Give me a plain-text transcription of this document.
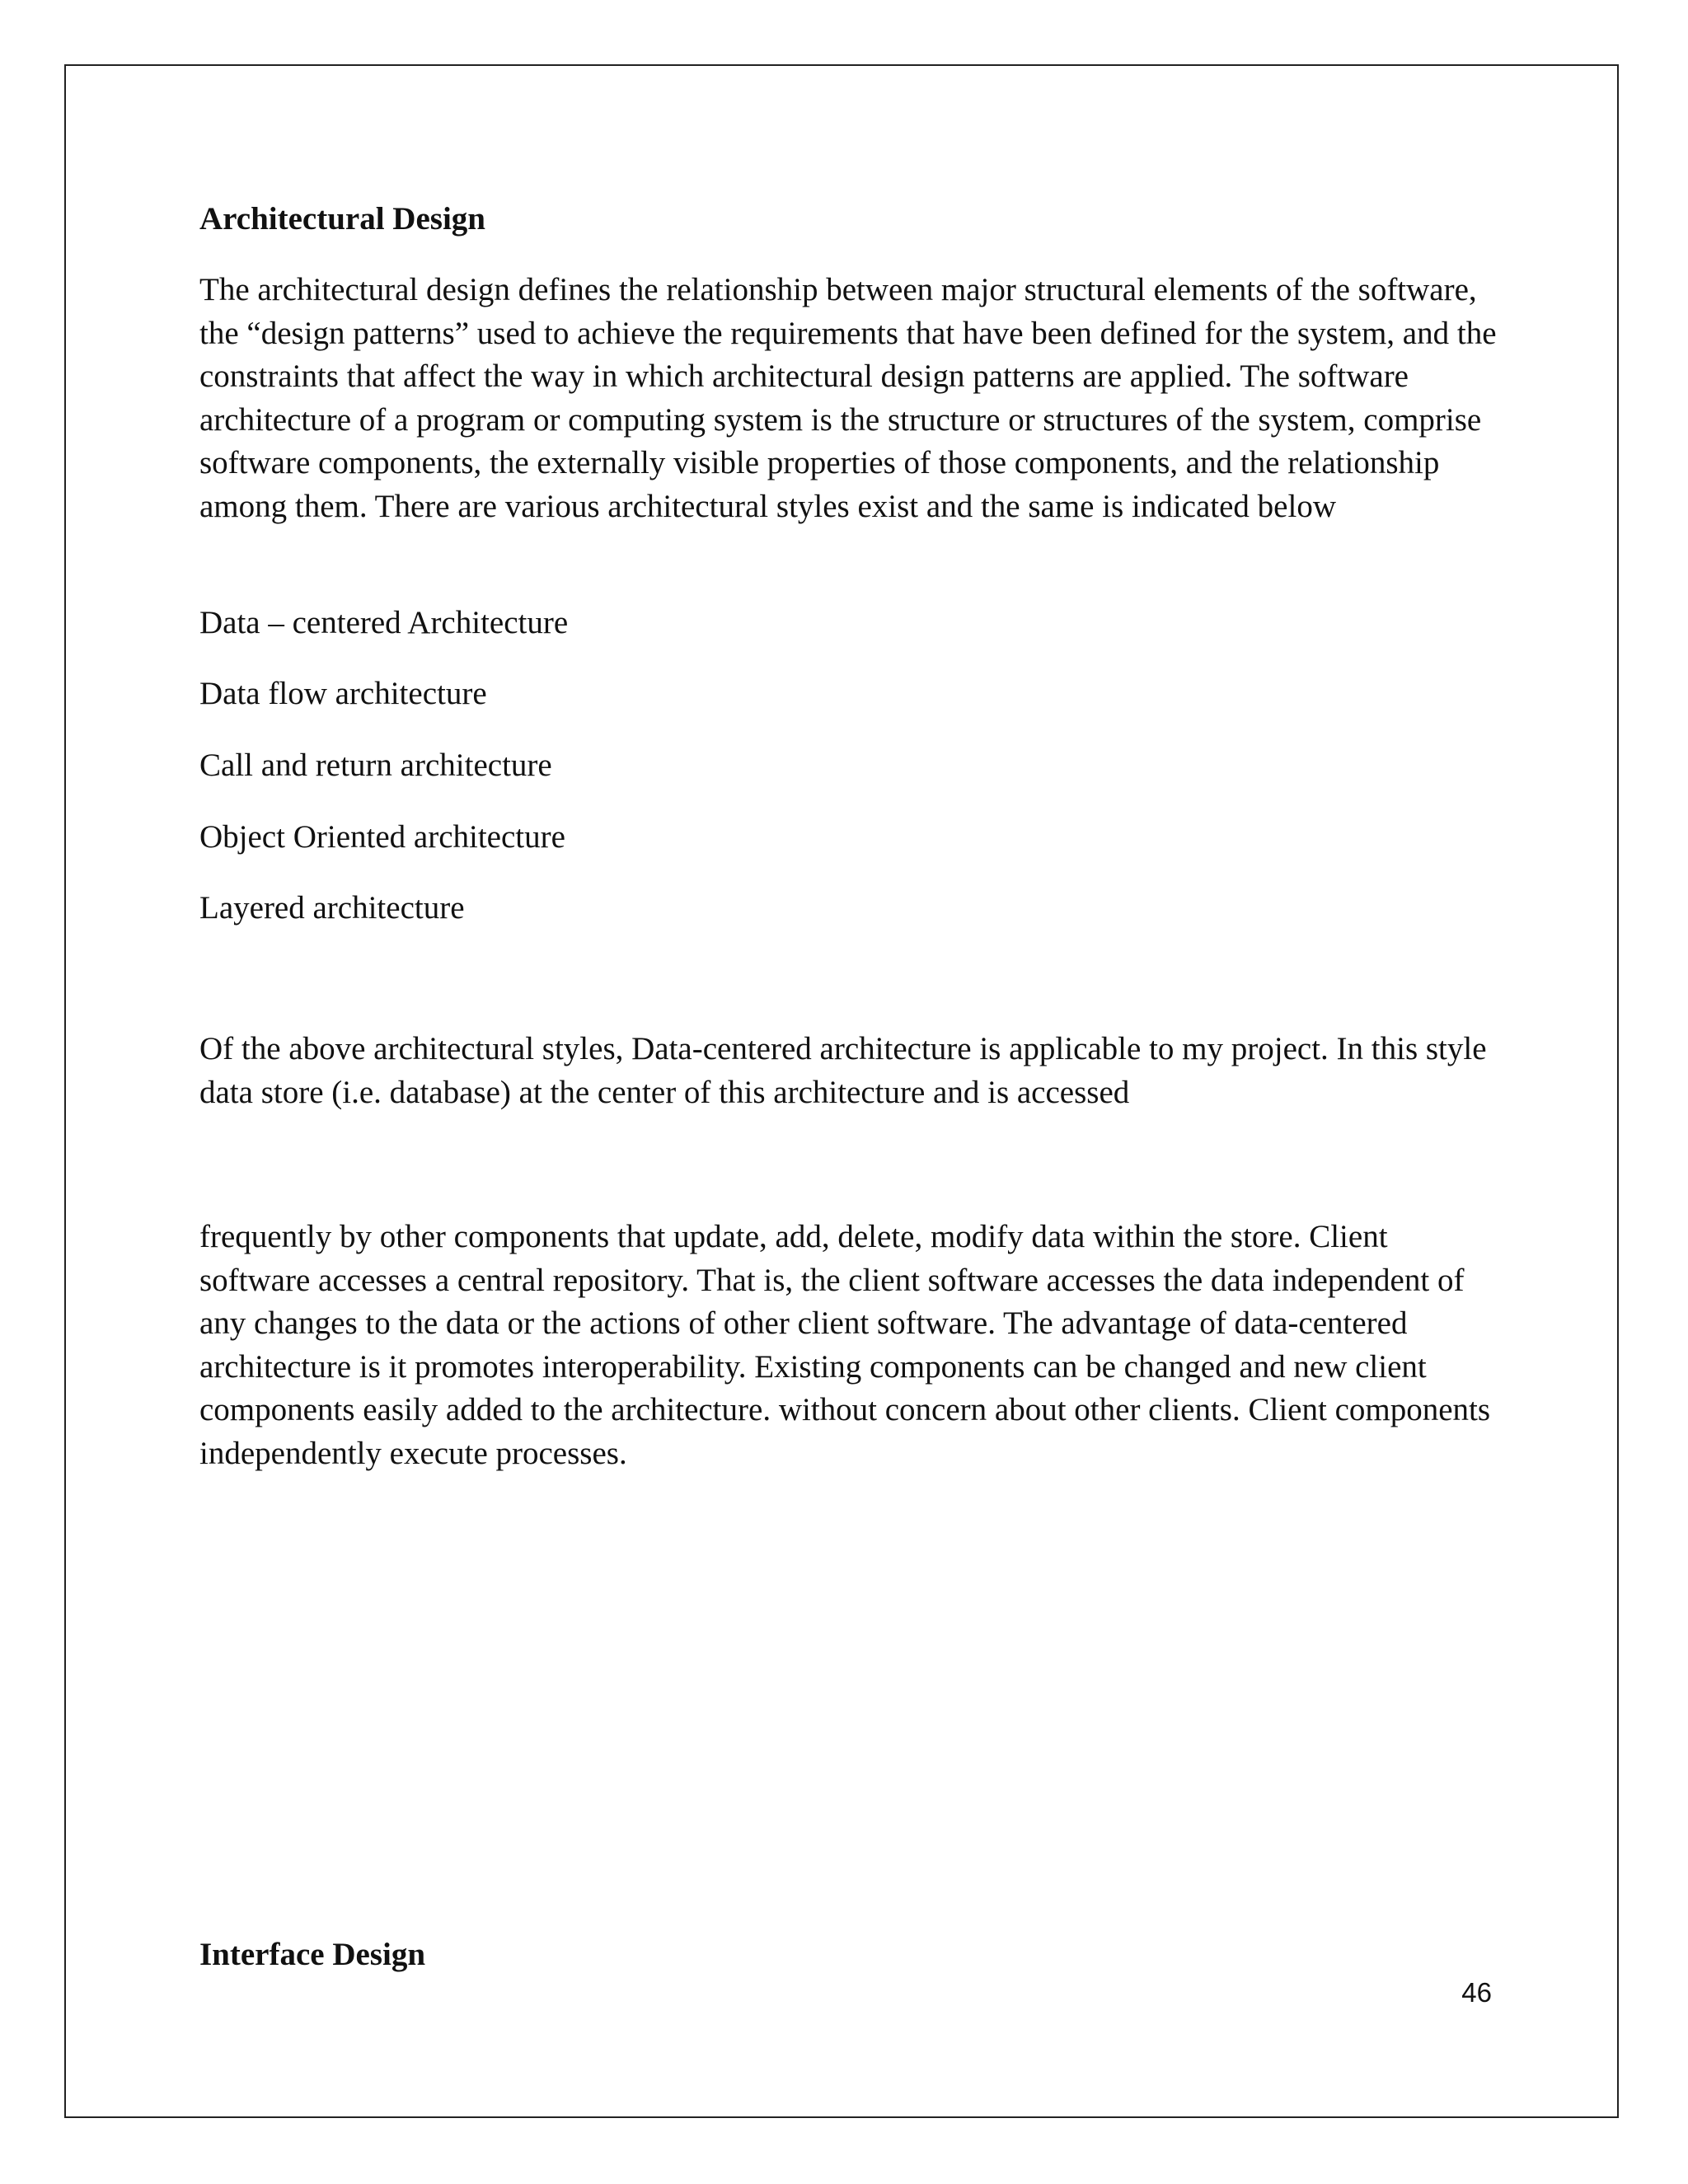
Architectural Design

The architectural design defines the relationship between major structural elements of the software, the “design patterns” used to achieve the requirements that have been defined for the system, and the constraints that affect the way in which architectural design patterns are applied. The software architecture of a program or computing system is the structure or structures of the system, comprise software components, the externally visible properties of those components, and the relationship among them. There are various architectural styles exist and the same is indicated below

Data – centered Architecture

Data flow architecture

Call and return architecture

Object Oriented architecture

Layered architecture

Of the above architectural styles, Data-centered architecture is applicable to my project. In this style data store (i.e. database) at the center of this architecture and is accessed

frequently by other components that update, add, delete, modify data within the store. Client software accesses a central repository. That is, the client software accesses the data independent of any changes to the data or the actions of other client software. The advantage of data-centered architecture is it promotes interoperability. Existing components can be changed and new client components easily added to the architecture. without concern about other clients. Client components independently execute processes.

Interface Design

46
